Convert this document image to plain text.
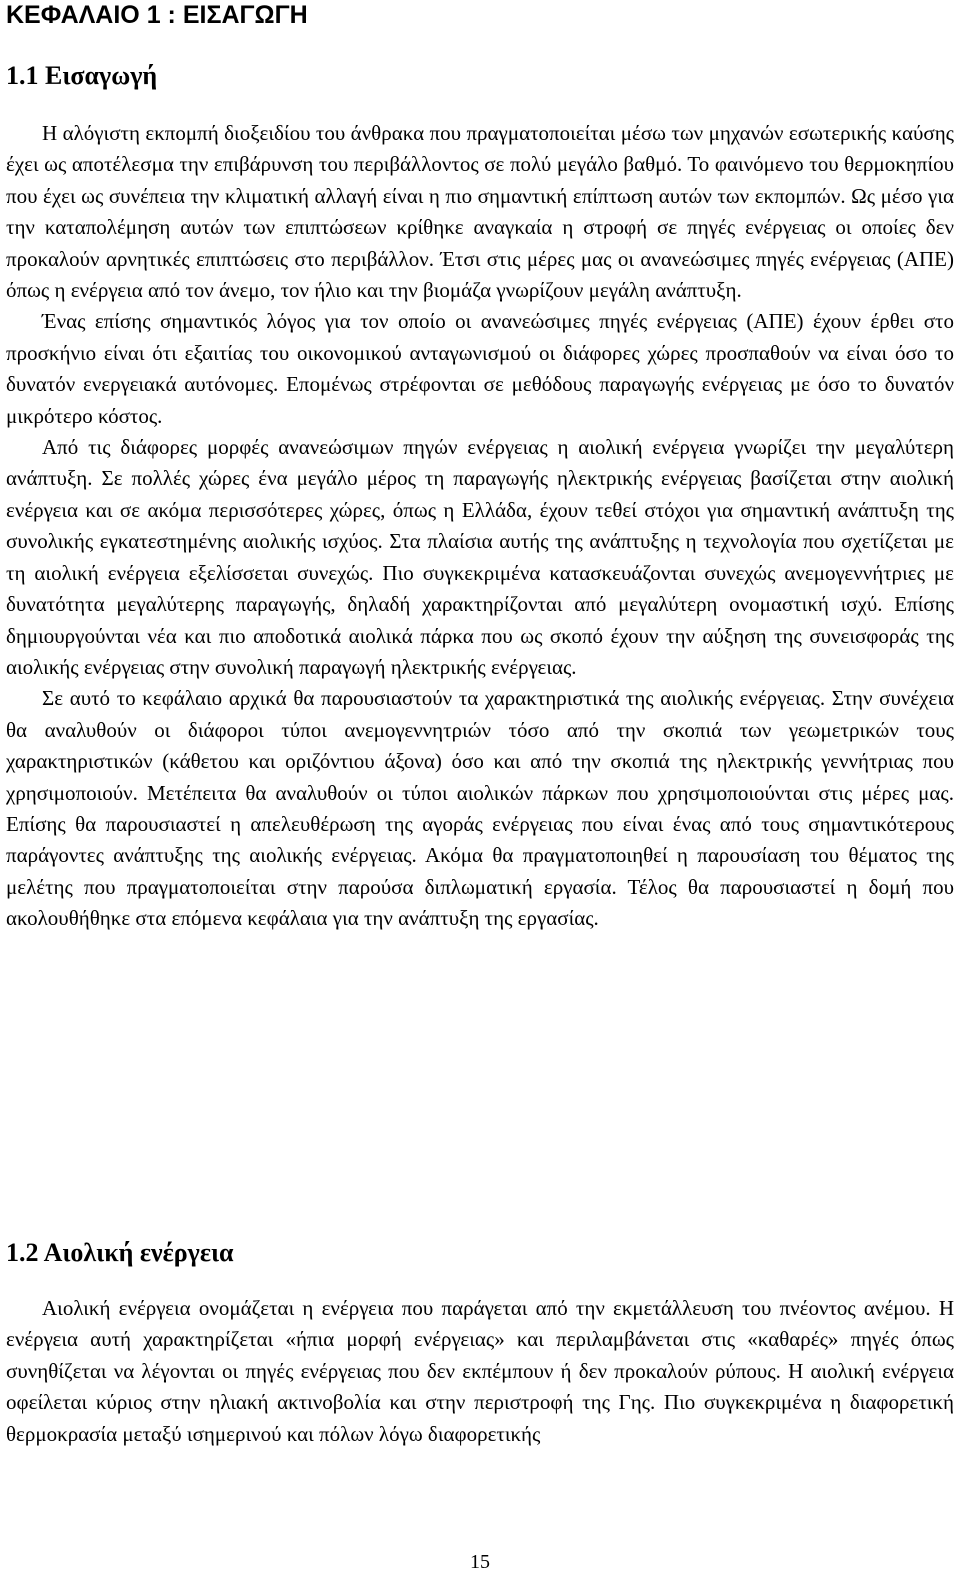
ΚΕΦΑΛΑΙΟ 1 : ΕΙΣΑΓΩΓΗ
1.1 Εισαγωγή

Η αλόγιστη εκπομπή διοξειδίου του άνθρακα που πραγματοποιείται μέσω των μηχανών εσωτερικής καύσης έχει ως αποτέλεσμα την επιβάρυνση του περιβάλλοντος σε πολύ μεγάλο βαθμό. Το φαινόμενο του θερμοκηπίου που έχει ως συνέπεια την κλιματική αλλαγή είναι η πιο σημαντική επίπτωση αυτών των εκπομπών. Ως μέσο για την καταπολέμηση αυτών των επιπτώσεων κρίθηκε αναγκαία η στροφή σε πηγές ενέργειας οι οποίες δεν προκαλούν αρνητικές επιπτώσεις στο περιβάλλον. Έτσι στις μέρες μας οι ανανεώσιμες πηγές ενέργειας (ΑΠΕ) όπως η ενέργεια από τον άνεμο, τον ήλιο και την βιομάζα γνωρίζουν μεγάλη ανάπτυξη.

Ένας επίσης σημαντικός λόγος για τον οποίο οι ανανεώσιμες πηγές ενέργειας (ΑΠΕ) έχουν έρθει στο προσκήνιο είναι ότι εξαιτίας του οικονομικού ανταγωνισμού οι διάφορες χώρες προσπαθούν να είναι όσο το δυνατόν ενεργειακά αυτόνομες. Επομένως στρέφονται σε μεθόδους παραγωγής ενέργειας με όσο το δυνατόν μικρότερο κόστος.

Από τις διάφορες μορφές ανανεώσιμων πηγών ενέργειας η αιολική ενέργεια γνωρίζει την μεγαλύτερη ανάπτυξη. Σε πολλές χώρες ένα μεγάλο μέρος τη παραγωγής ηλεκτρικής ενέργειας βασίζεται στην αιολική ενέργεια και σε ακόμα περισσότερες χώρες, όπως η Ελλάδα, έχουν τεθεί στόχοι για σημαντική ανάπτυξη της συνολικής εγκατεστημένης αιολικής ισχύος. Στα πλαίσια αυτής της ανάπτυξης η τεχνολογία που σχετίζεται με τη αιολική ενέργεια εξελίσσεται συνεχώς. Πιο συγκεκριμένα κατασκευάζονται συνεχώς ανεμογεννήτριες με δυνατότητα μεγαλύτερης παραγωγής, δηλαδή χαρακτηρίζονται από μεγαλύτερη ονομαστική ισχύ. Επίσης δημιουργούνται νέα και πιο αποδοτικά αιολικά πάρκα που ως σκοπό έχουν την αύξηση της συνεισφοράς της αιολικής ενέργειας στην συνολική παραγωγή ηλεκτρικής ενέργειας.

Σε αυτό το κεφάλαιο αρχικά θα παρουσιαστούν τα χαρακτηριστικά της αιολικής ενέργειας. Στην συνέχεια θα αναλυθούν οι διάφοροι τύποι ανεμογεννητριών τόσο από την σκοπιά των γεωμετρικών τους χαρακτηριστικών (κάθετου και οριζόντιου άξονα) όσο και από την σκοπιά της ηλεκτρικής γεννήτριας που χρησιμοποιούν. Μετέπειτα θα αναλυθούν οι τύποι αιολικών πάρκων που χρησιμοποιούνται στις μέρες μας. Επίσης θα παρουσιαστεί η απελευθέρωση της αγοράς ενέργειας που είναι ένας από τους σημαντικότερους παράγοντες ανάπτυξης της αιολικής ενέργειας. Ακόμα θα πραγματοποιηθεί η παρουσίαση του θέματος της μελέτης που πραγματοποιείται στην παρούσα διπλωματική εργασία. Τέλος θα παρουσιαστεί η δομή που ακολουθήθηκε στα επόμενα κεφάλαια για την ανάπτυξη της εργασίας.

1.2 Αιολική ενέργεια

Αιολική ενέργεια ονομάζεται η ενέργεια που παράγεται από την εκμετάλλευση του πνέοντος ανέμου. Η ενέργεια αυτή χαρακτηρίζεται «ήπια μορφή ενέργειας» και περιλαμβάνεται στις «καθαρές» πηγές όπως συνηθίζεται να λέγονται οι πηγές ενέργειας που δεν εκπέμπουν ή δεν προκαλούν ρύπους. Η αιολική ενέργεια οφείλεται κύριος στην ηλιακή ακτινοβολία και στην περιστροφή της Γης. Πιο συγκεκριμένα η διαφορετική θερμοκρασία μεταξύ ισημερινού και πόλων λόγω διαφορετικής

15
